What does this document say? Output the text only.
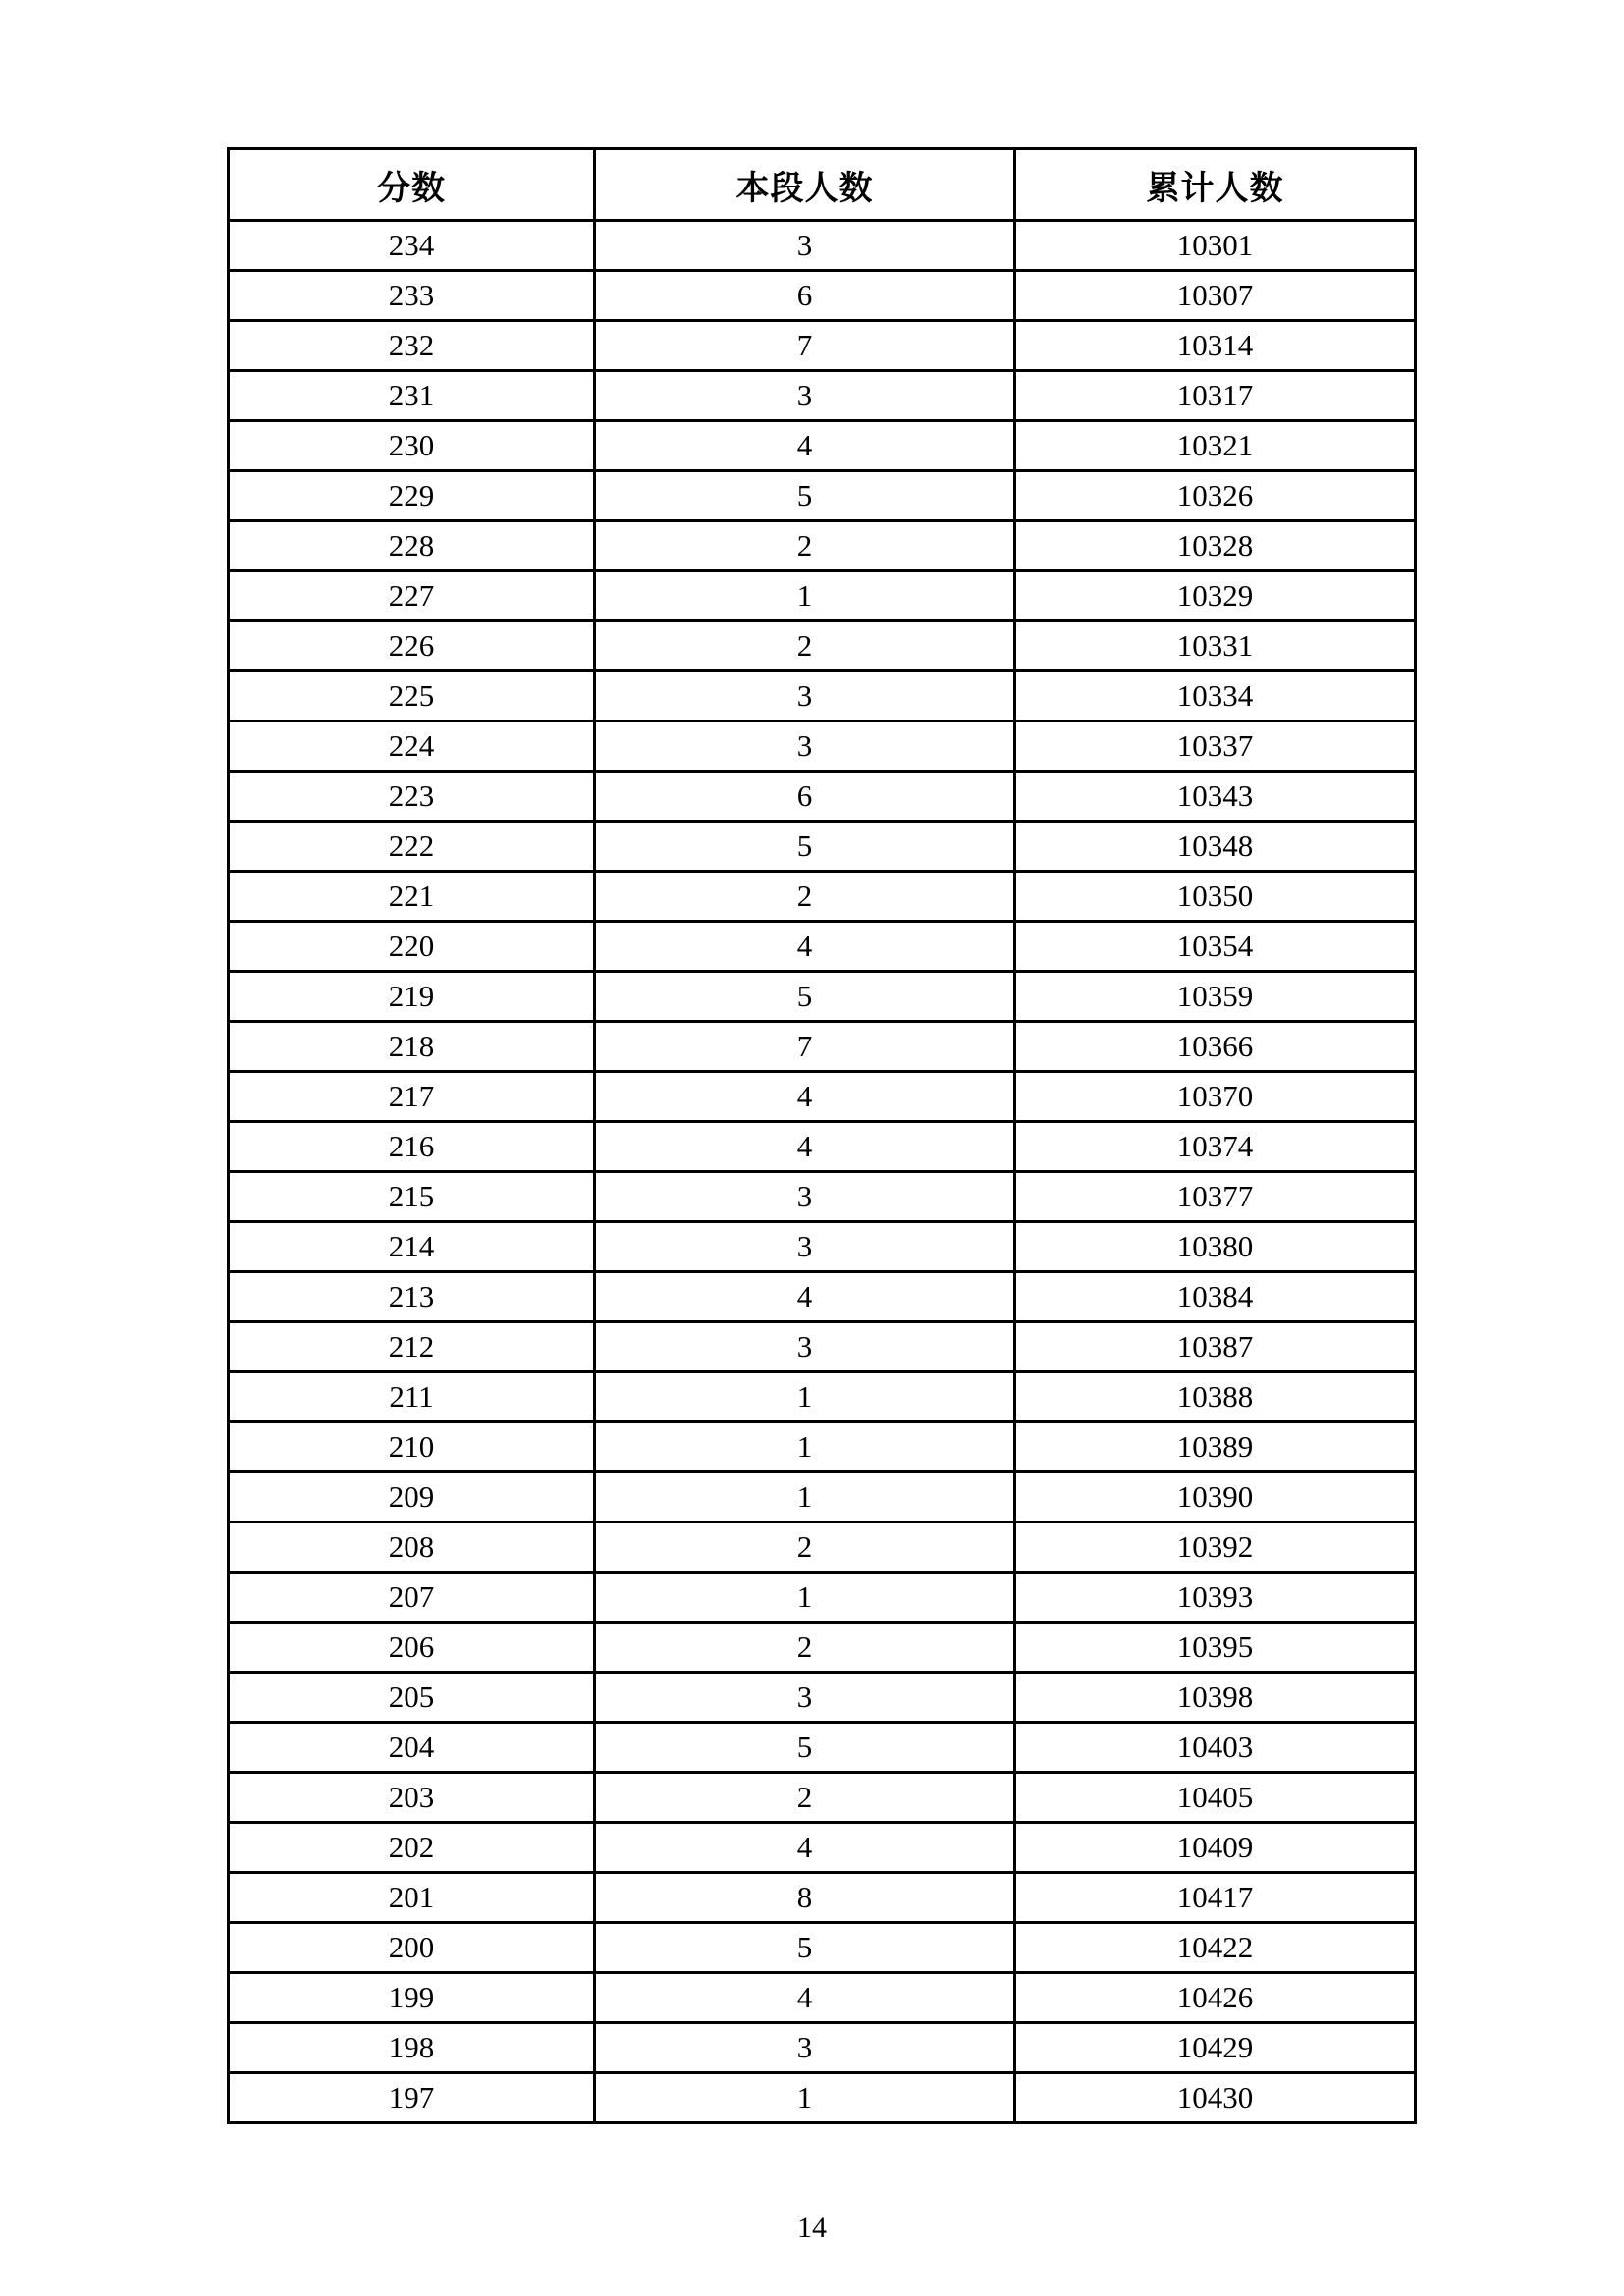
分数	本段人数	累计人数
234	3	10301
233	6	10307
232	7	10314
231	3	10317
230	4	10321
229	5	10326
228	2	10328
227	1	10329
226	2	10331
225	3	10334
224	3	10337
223	6	10343
222	5	10348
221	2	10350
220	4	10354
219	5	10359
218	7	10366
217	4	10370
216	4	10374
215	3	10377
214	3	10380
213	4	10384
212	3	10387
211	1	10388
210	1	10389
209	1	10390
208	2	10392
207	1	10393
206	2	10395
205	3	10398
204	5	10403
203	2	10405
202	4	10409
201	8	10417
200	5	10422
199	4	10426
198	3	10429
197	1	10430
14
